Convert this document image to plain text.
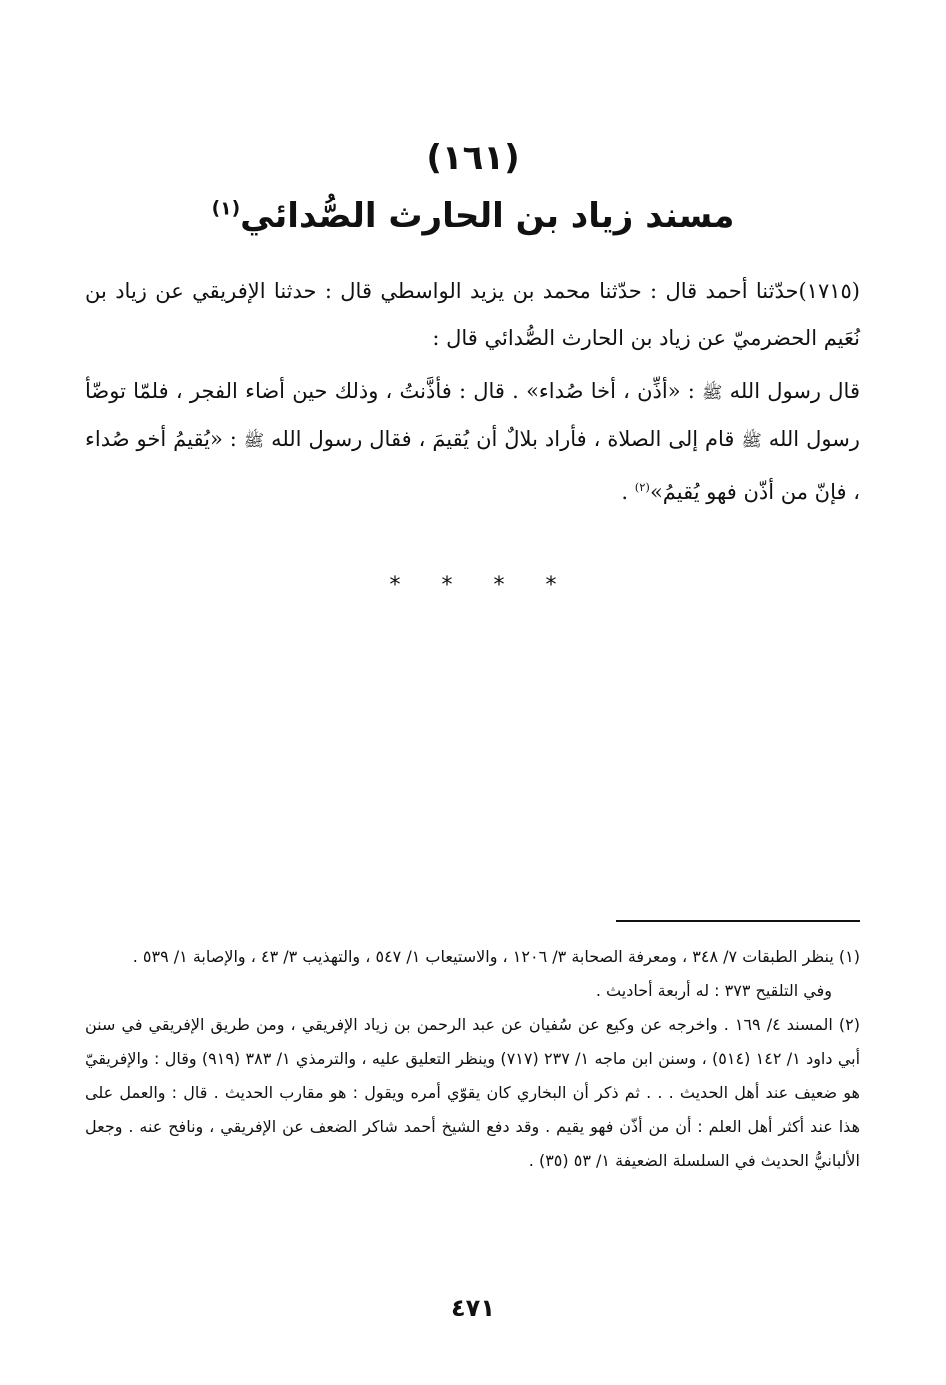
(١٦١)
مسند زياد بن الحارث الصُّدائي$^{(١)}$

(١٧١٥)حدّثنا أحمد قال : حدّثنا محمد بن يزيد الواسطي قال : حدثنا الإفريقي عن زياد بن نُعَيم الحضرميّ عن زياد بن الحارث الصُّدائي قال :

قال رسول الله ﷺ : «أذِّن ، أخا صُداء» . قال : فأذَّنتُ ، وذلك حين أضاء الفجر ، فلمّا توضّأ رسول الله ﷺ قام إلى الصلاة ، فأراد بلالٌ أن يُقيمَ ، فقال رسول الله ﷺ : «يُقيمُ أخو صُداء ، فإنّ من أذّن فهو يُقيمُ»$^{(٢)}$ .

* * * *

(١) ينظر الطبقات ٧/ ٣٤٨ ، ومعرفة الصحابة ٣/ ١٢٠٦ ، والاستيعاب ١/ ٥٤٧ ، والتهذيب ٣/ ٤٣ ، والإصابة ١/ ٥٣٩ .

وفي التلقيح ٣٧٣ : له أربعة أحاديث .

(٢) المسند ٤/ ١٦٩ . واخرجه عن وكيع عن سُفيان عن عبد الرحمن بن زياد الإفريقي ، ومن طريق الإفريقي في سنن أبي داود ١/ ١٤٢ (٥١٤) ، وسنن ابن ماجه ١/ ٢٣٧ (٧١٧) وينظر التعليق عليه ، والترمذي ١/ ٣٨٣ (٩١٩) وقال : والإفريقيّ هو ضعيف عند أهل الحديث . . . ثم ذكر أن البخاري كان يقوّي أمره ويقول : هو مقارب الحديث . قال : والعمل على هذا عند أكثر أهل العلم : أن من أذّن فهو يقيم . وقد دفع الشيخ أحمد شاكر الضعف عن الإفريقي ، ونافح عنه . وجعل الألبانيُّ الحديث في السلسلة الضعيفة ١/ ٥٣ (٣٥) .

٤٧١
